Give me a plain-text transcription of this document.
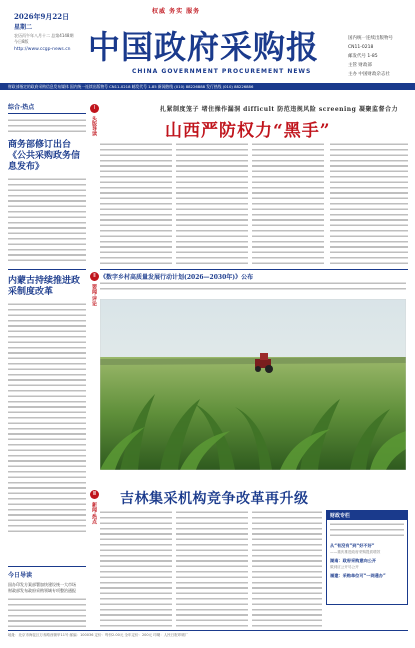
权威 务实 服务
2026年9月22日
星期二
农历丙午年八月十二 总第4148期 今日8版
http://www.ccgp-news.cn 中国政府采购报
CHINA GOVERNMENT PROCUREMENT NEWS
国内统一连续出版物号
CN11-0218
邮发代号 1-85
主管 财政部
主办 中国财政杂志社
财政部指定的政府采购信息发布媒体 国内统一连续出版物号 CN11-0218 邮发代号 1-85 新闻热线 (010) 88226888 发行热线 (010) 88226886
综合·热点
商务部修订出台《公共采购政务信息发布》
内蒙古持续推进政采制度改革
今日导读
国办印发方案部署加快建设统一大市场
财政部发布政府采购领域专项整治通报
Ⅰ
头版导读
Ⅱ
要闻·评论
Ⅲ
新闻·热点
扎紧制度笼子 堵住操作漏洞 difficult 防范违规风险 screening 凝聚监督合力
山西严防权力“黑手”
《数字乡村高质量发展行动计划(2026—2030年)》公布
吉林集采机构竞争改革再升级
财政专栏
从“有没有”到“好不好”
——重庆推进政府采购提质增效
湖南：政府采购意向公开
做到应公开尽公开
福建：采购单位可“一网通办”
地址：北京市海淀区万寿路西街甲11号 邮编：100036 定价：每份2.00元 全年定价：200元 印刷：人民日报印刷厂
